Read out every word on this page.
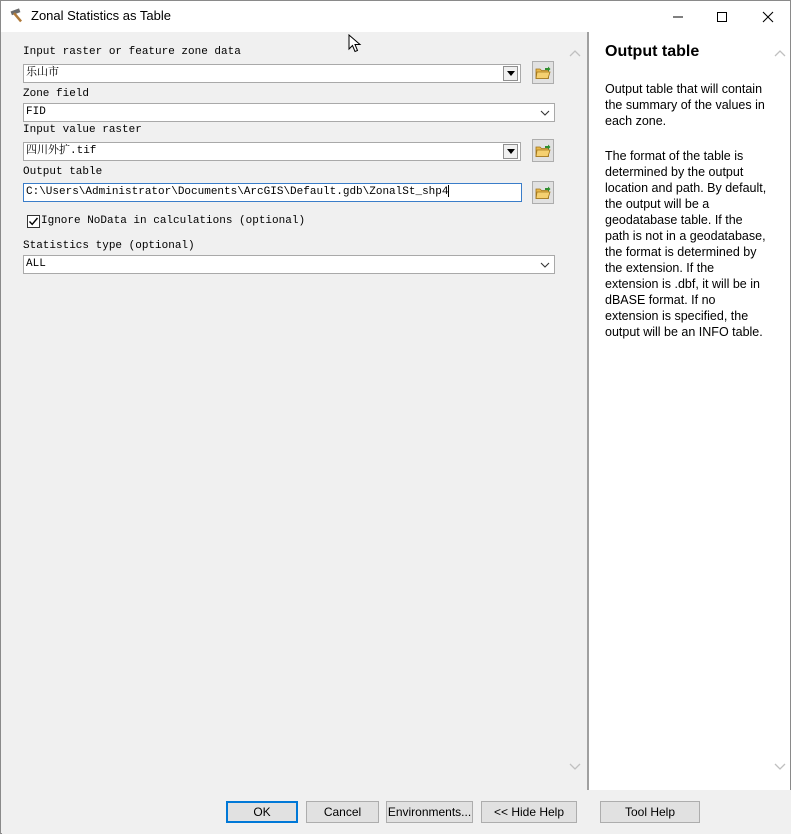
Zonal Statistics as Table
Input raster or feature zone data
乐山市
Zone field
FID
Input value raster
四川外扩.tif
Output table
C:\Users\Administrator\Documents\ArcGIS\Default.gdb\ZonalSt_shp4
Ignore NoData in calculations (optional)
Statistics type (optional)
ALL
Output table
Output table that will contain the summary of the values in each zone.
The format of the table is determined by the output location and path. By default, the output will be a geodatabase table. If the path is not in a geodatabase, the format is determined by the extension. If the extension is .dbf, it will be in dBASE format. If no extension is specified, the output will be an INFO table.
OK	Cancel	Environments...	<< Hide Help	Tool Help
